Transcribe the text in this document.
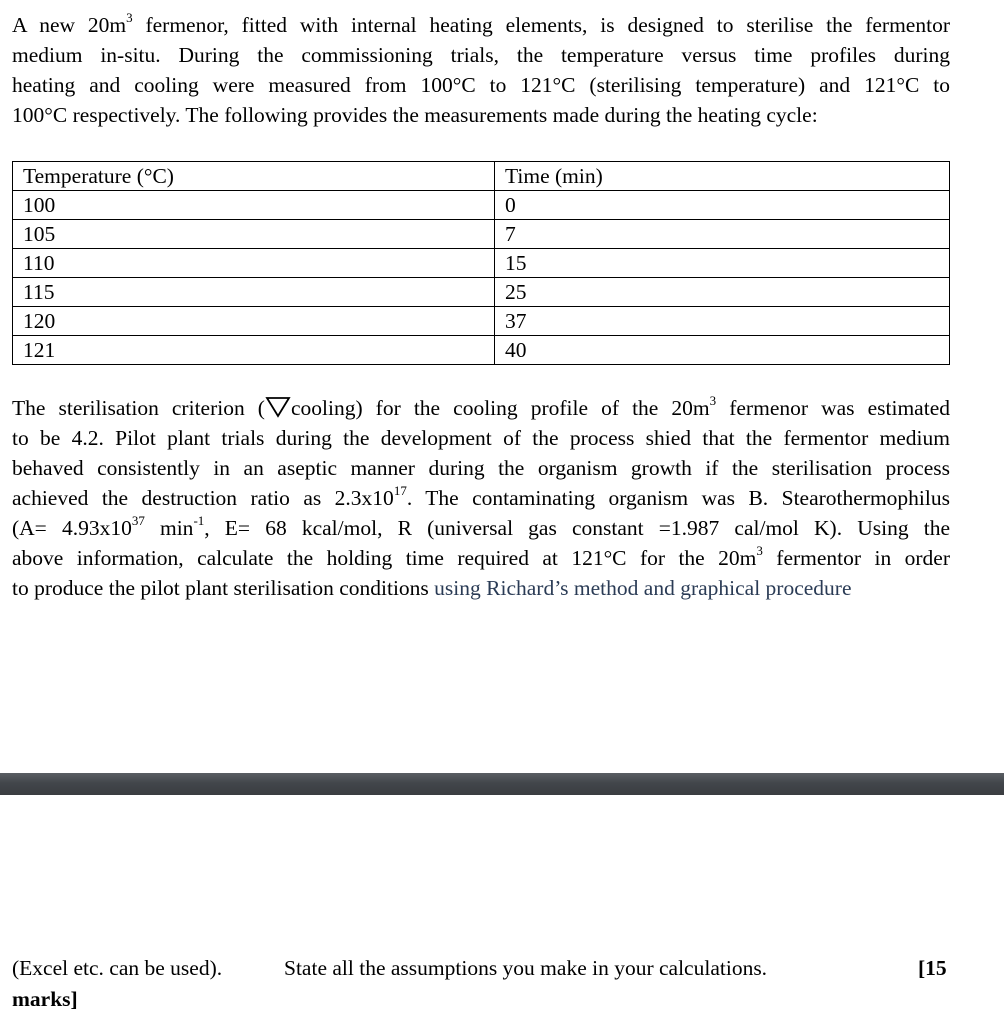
A new $20m^3$ fermenor, fitted with internal heating elements, is designed to sterilise the fermentor
medium in-situ. During the commissioning trials, the temperature versus time profiles during
heating and cooling were measured from 100°C to 121°C (sterilising temperature) and 121°C to
100°C respectively. The following provides the measurements made during the heating cycle:
Temperature (°C)	Time (min)
100	0
105	7
110	15
115	25
120	37
121	40
The sterilisation criterion ( cooling) for the cooling profile of the $20m^3$ fermenor was estimated
to be 4.2. Pilot plant trials during the development of the process shied that the fermentor medium
behaved consistently in an aseptic manner during the organism growth if the sterilisation process
achieved the destruction ratio as $2.3x10^{17}$. The contaminating organism was B. Stearothermophilus
($A= 4.93x10^{37}$ $\min^{-1}$, E= 68 kcal/mol, R (universal gas constant =1.987 cal/mol K). Using the
above information, calculate the holding time required at 121°C for the $20m^3$ fermentor in order
to produce the pilot plant sterilisation conditions using Richard’s method and graphical procedure
(Excel etc. can be used).	State all the assumptions you make in your calculations.	[15
marks]
